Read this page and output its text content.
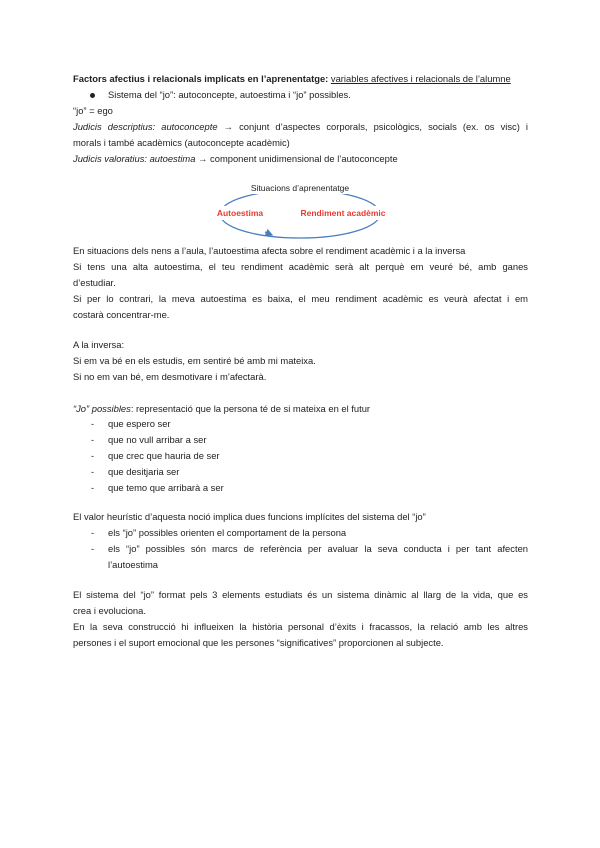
Factors afectius i relacionals implicats en l’aprenentatge: variables afectives i relacionals de l’alumne
Sistema del “jo”: autoconcepte, autoestima i “jo” possibles.
“jo” = ego
Judicis descriptius: autoconcepte → conjunt d’aspectes corporals, psicològics, socials (ex. os visc) i
morals i també acadèmics (autoconcepte acadèmic)
Judicis valoratius: autoestima → component unidimensional de l’autoconcepte
Situacions d’aprenentatge
Autoestima	Rendiment acadèmic
En situacions dels nens a l’aula, l’autoestima afecta sobre el rendiment acadèmic i a la inversa
Si tens una alta autoestima, el teu rendiment acadèmic serà alt perquè em veuré bé, amb ganes
d’estudiar.
Si per lo contrari, la meva autoestima es baixa, el meu rendiment acadèmic es veurà afectat i em
costarà concentrar-me.
A la inversa:
Si em va bé en els estudis, em sentiré bé amb mi mateixa.
Si no em van bé, em desmotivare i m’afectarà.
“Jo” possibles: representació que la persona té de si mateixa en el futur
- que espero ser
- que no vull arribar a ser
- que crec que hauria de ser
- que desitjaria ser
- que temo que arribarà a ser
El valor heurístic d’aquesta noció implica dues funcions implícites del sistema del “jo”
- els “jo” possibles orienten el comportament de la persona
- els “jo” possibles són marcs de referència per avaluar la seva conducta i per tant afecten
l’autoestima
El sistema del “jo” format pels 3 elements estudiats és un sistema dinàmic al llarg de la vida, que es
crea i evoluciona.
En la seva construcció hi influeixen la història personal d’èxits i fracassos, la relació amb les altres
persones i el suport emocional que les persones “significatives” proporcionen al subjecte.
